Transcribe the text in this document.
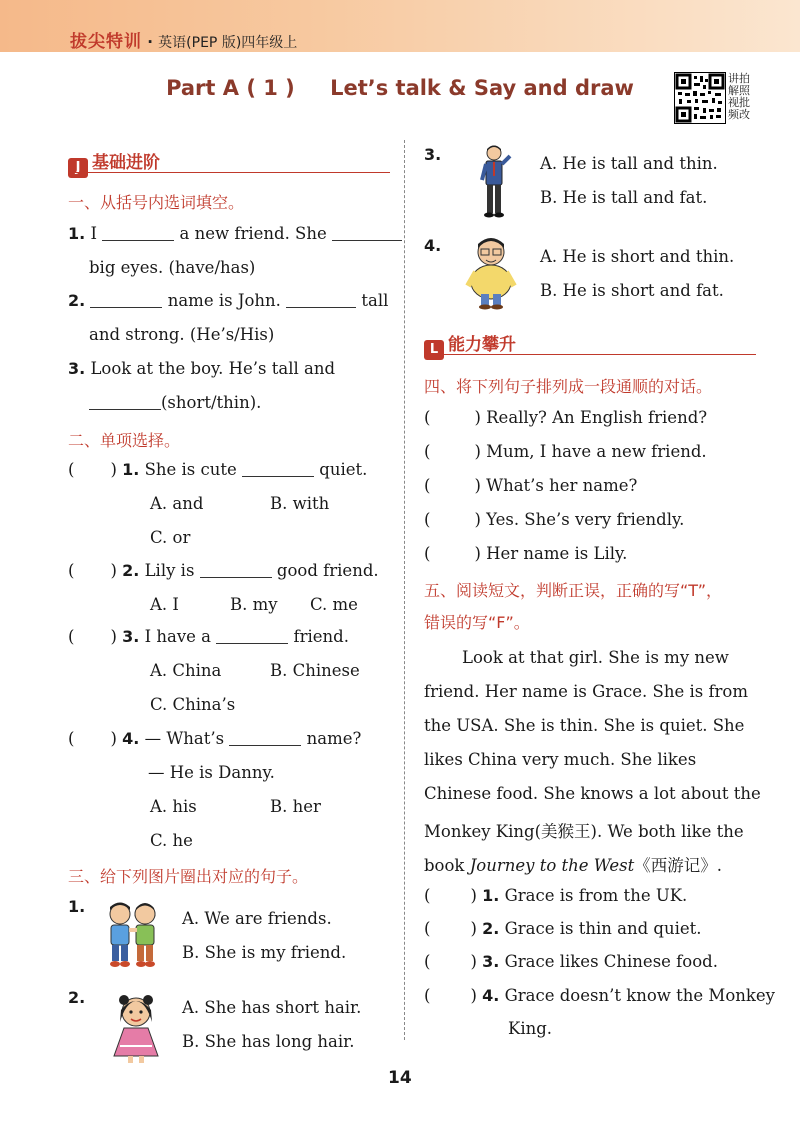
拔尖特训 · 英语(PEP 版)四年级上
Part A ( 1 ) Let’s talk & Say and draw	讲拍
解照
视批
频改
J 基础进阶
一、从括号内选词填空。
1. I	a new friend. She
big eyes. (have/has)
2.	name is John.	tall
and strong. (He’s/His)
3. Look at the boy. He’s tall and
(short/thin).
二、单项选择。
( ) 1. She is cute	quiet.
A. and	B. with
C. or
( ) 2. Lily is	good friend.
A. I	B. my C. me
( ) 3. I have a	friend.
A. China	B. Chinese
C. China’s
( ) 4. — What’s	name?
— He is Danny.
A. his	B. her
C. he
三、给下列图片圈出对应的句子。
1.
A. We are friends.
B. She is my friend.
2.
A. She has short hair.
B. She has long hair.
3.	A. He is tall and thin.
B. He is tall and fat.
4.
A. He is short and thin.
B. He is short and fat.
L 能力攀升
四、将下列句子排列成一段通顺的对话。
(	) Really? An English friend?
(	) Mum, I have a new friend.
(	) What’s her name?
(	) Yes. She’s very friendly.
(	) Her name is Lily.
五、阅读短文，判断正误，正确的写“T”，
错误的写“F”。
Look at that girl. She is my new
friend. Her name is Grace. She is from
the USA. She is thin. She is quiet. She
likes China very much. She likes
Chinese food. She knows a lot about the
Monkey King(美猴王). We both like the
book Journey to the West《西游记》.
( ) 1. Grace is from the UK.
( ) 2. Grace is thin and quiet.
( ) 3. Grace likes Chinese food.
( ) 4. Grace doesn’t know the Monkey
King.
14
